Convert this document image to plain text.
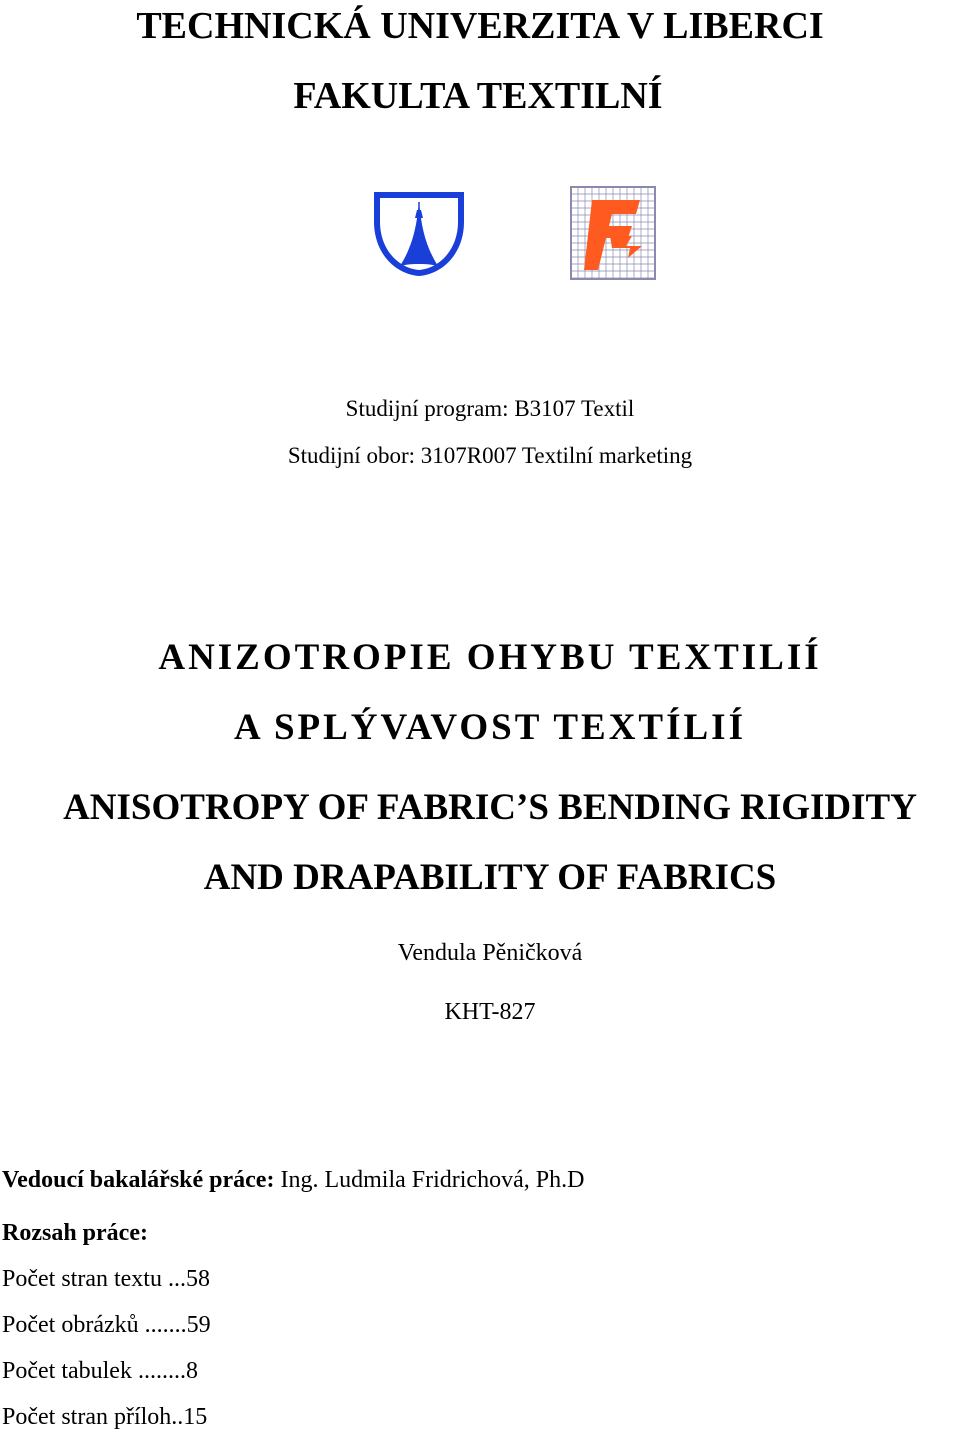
TECHNICKÁ UNIVERZITA V LIBERCI
FAKULTA TEXTILNÍ
Studijní program: B3107 Textil
Studijní obor: 3107R007 Textilní marketing
ANIZOTROPIE OHYBU TEXTILIÍ
A SPLÝVAVOST TEXTÍLIÍ
ANISOTROPY OF FABRIC’S BENDING RIGIDITY
AND DRAPABILITY OF FABRICS
Vendula Pěničková
KHT-827
Vedoucí bakalářské práce: Ing. Ludmila Fridrichová, Ph.D
Rozsah práce:
Počet stran textu ...58
Počet obrázků .......59
Počet tabulek ........8
Počet stran příloh..15
